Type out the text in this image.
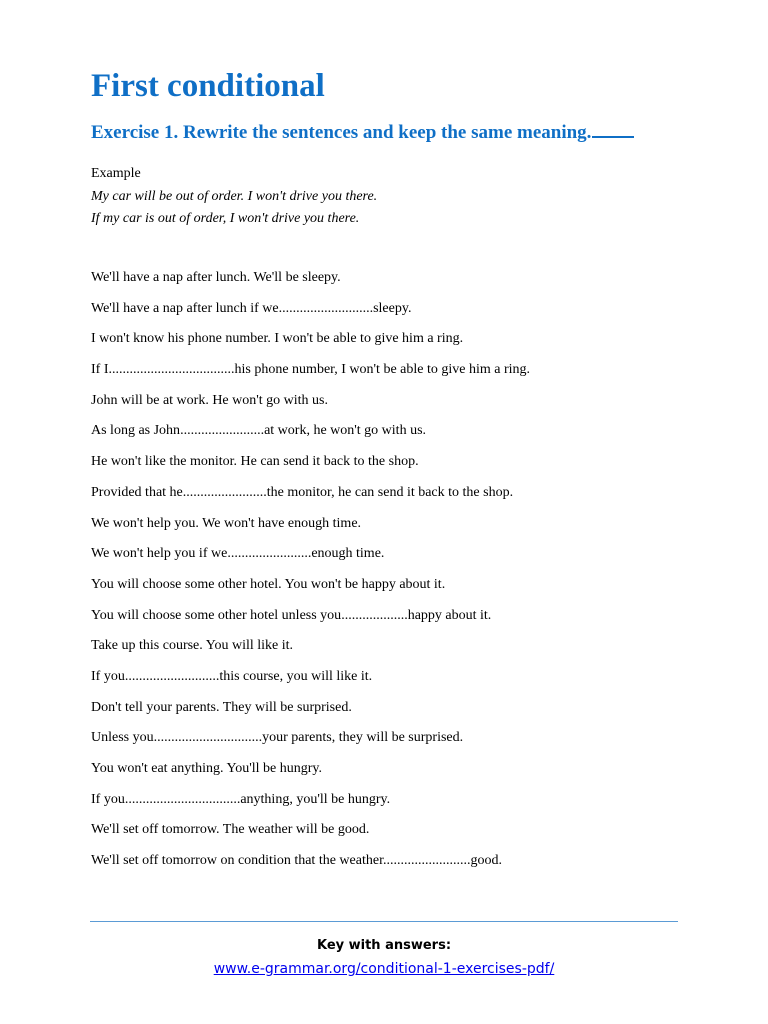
First conditional
Exercise 1. Rewrite the sentences and keep the same meaning.
Example
My car will be out of order. I won't drive you there.
If my car is out of order, I won't drive you there.
We'll have a nap after lunch. We'll be sleepy.
We'll have a nap after lunch if we...........................sleepy.
I won't know his phone number. I won't be able to give him a ring.
If I....................................his phone number, I won't be able to give him a ring.
John will be at work. He won't go with us.
As long as John........................at work, he won't go with us.
He won't like the monitor. He can send it back to the shop.
Provided that he........................the monitor, he can send it back to the shop.
We won't help you. We won't have enough time.
We won't help you if we........................enough time.
You will choose some other hotel. You won't be happy about it.
You will choose some other hotel unless you...................happy about it.
Take up this course. You will like it.
If you...........................this course, you will like it.
Don't tell your parents. They will be surprised.
Unless you...............................your parents, they will be surprised.
You won't eat anything. You'll be hungry.
If you.................................anything, you'll be hungry.
We'll set off tomorrow. The weather will be good.
We'll set off tomorrow on condition that the weather.........................good.
Key with answers:
www.e-grammar.org/conditional-1-exercises-pdf/
